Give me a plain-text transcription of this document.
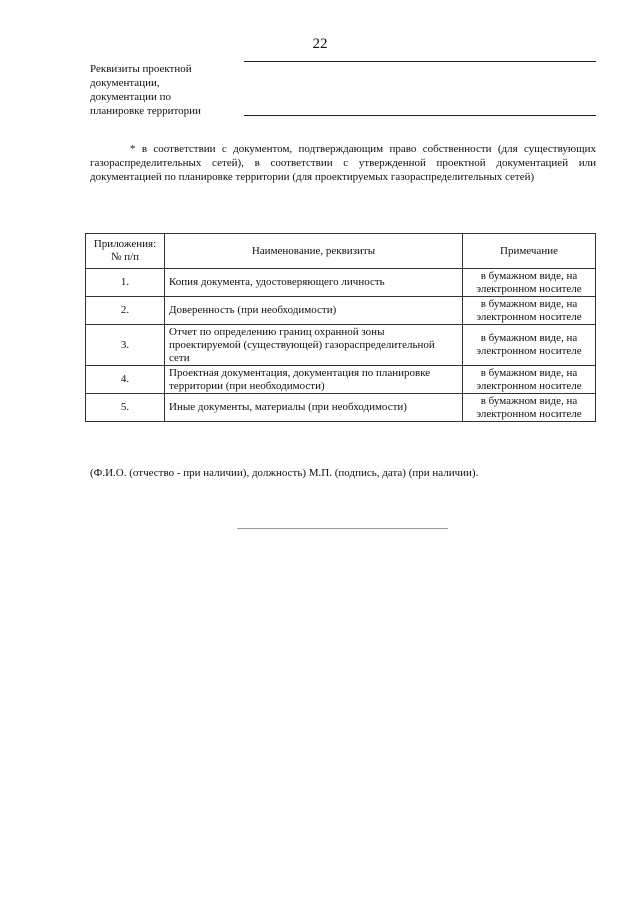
22
Реквизиты проектной
документации,
документации по
планировке территории
* в соответствии с документом, подтверждающим право собственности (для существующих газораспределительных сетей), в соответствии с утвержденной проектной документацией или документацией по планировке территории (для проектируемых газораспределительных сетей)
Приложения: № п/п	Наименование, реквизиты	Примечание
1.	Копия документа, удостоверяющего личность	в бумажном виде, на электронном носителе
2.	Доверенность (при необходимости)	в бумажном виде, на электронном носителе
3.	Отчет по определению границ охранной зоны проектируемой (существующей) газораспределительной сети	в бумажном виде, на электронном носителе
4.	Проектная документация, документация по планировке территории (при необходимости)	в бумажном виде, на электронном носителе
5.	Иные документы, материалы (при необходимости)	в бумажном виде, на электронном носителе
(Ф.И.О. (отчество - при наличии), должность) М.П. (подпись, дата) (при наличии).
